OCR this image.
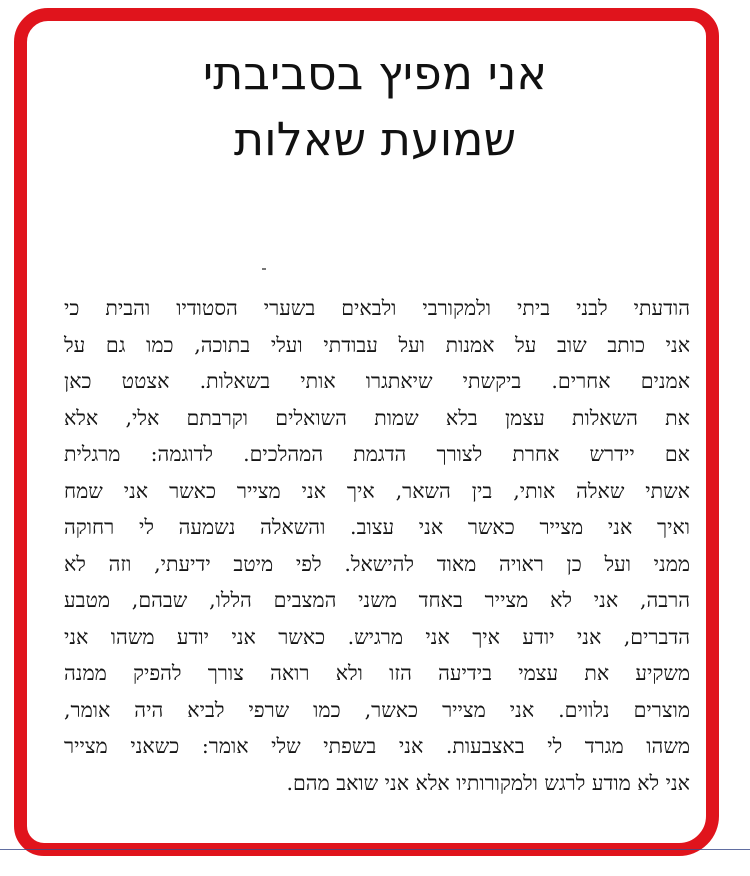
אני מפיץ בסביבתי
שמועת שאלות
הודעתי לבני ביתי ולמקורבי ולבאים בשערי הסטודיו והבית כי
אני כותב שוב על אמנות ועל עבודתי ועלי בתוכה, כמו גם על
אמנים אחרים. ביקשתי שיאתגרו אותי בשאלות. אצטט כאן
את השאלות עצמן בלא שמות השואלים וקרבתם אלי, אלא
אם יידרש אחרת לצורך הדגמת המהלכים. לדוגמה: מרגלית
אשתי שאלה אותי, בין השאר, איך אני מצייר כאשר אני שמח
ואיך אני מצייר כאשר אני עצוב. והשאלה נשמעה לי רחוקה
ממני ועל כן ראויה מאוד להישאל. לפי מיטב ידיעתי, וזה לא
הרבה, אני לא מצייר באחד משני המצבים הללו, שבהם, מטבע
הדברים, אני יודע איך אני מרגיש. כאשר אני יודע משהו אני
משקיע את עצמי בידיעה הזו ולא רואה צורך להפיק ממנה
מוצרים נלווים. אני מצייר כאשר, כמו שרפי לביא היה אומר,
משהו מגרד לי באצבעות. אני בשפתי שלי אומר: כשאני מצייר
אני לא מודע לרגש ולמקורותיו אלא אני שואב מהם.
